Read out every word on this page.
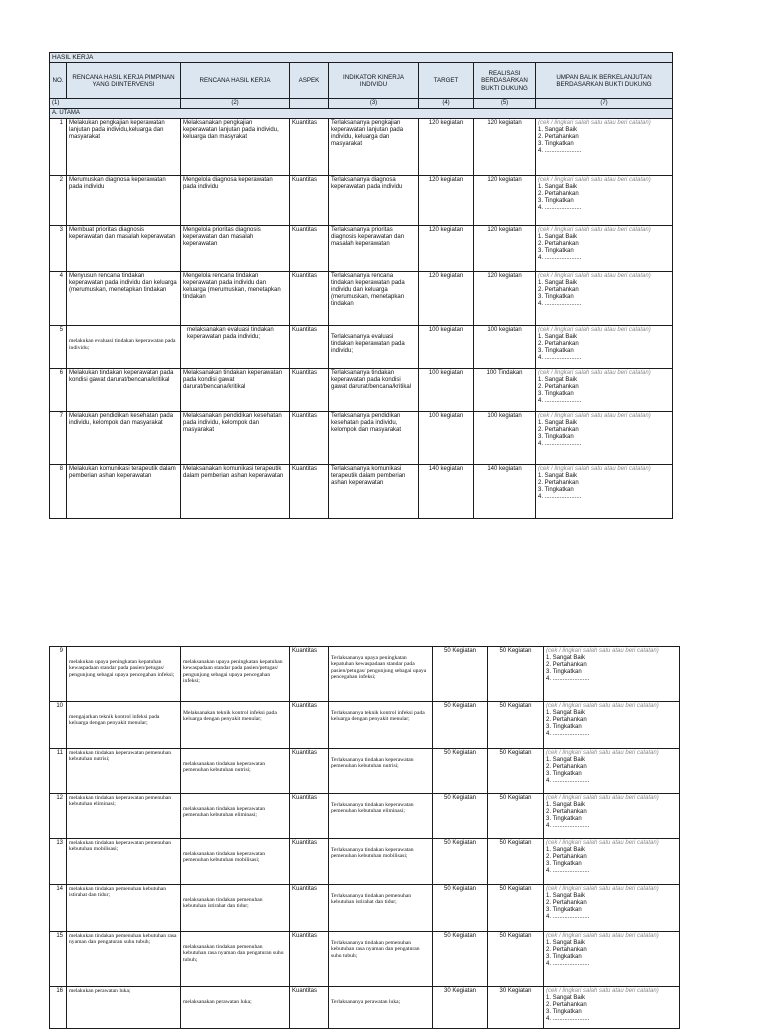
HASIL KERJA							
NO.	RENCANA HASIL KERJA PIMPINAN YANG DIINTERVENSI	RENCANA HASIL KERJA	ASPEK	INDIKATOR KINERJA INDIVIDU	TARGET	REALISASI BERDASARKAN BUKTI DUKUNG	UMPAN BALIK BERKELANJUTAN BERDASARKAN BUKTI DUKUNG
(1)		(2)		(3)	(4)	(5)	(7)
A. UTAMA							
1	Melakukan pengkajian keperawatan lanjutan pada individu,keluarga dan masyarakat	Melaksanakan pengkajian keperawatan lanjutan pada individu, keluarga dan masyrakat	Kuantitas	Terlaksananya pengkajian keperawatan lanjutan pada individu, keluarga dan masyarakat	120 kegiatan	120 kegiatan	(cek / lingkari salah satu atau beri catatan)
1. Sangat Baik
2. Pertahankan
3. Tingkatkan
4. ......................

2	Merumuskan diagnosa keperawatan pada individu	Mengelola diagnosa keperawatan pada individu	Kuantitas	Terlaksananya diagnosa keperawatan pada individu	120 kegiatan	120 kegiatan	(cek / lingkari salah satu atau beri catatan)
1. Sangat Baik
2. Pertahankan
3. Tingkatkan
4. ......................

3	Membuat prioritas diagnosis keperawatan dan masalah keperawatan	Mengelola prioritas diagnosis keperawatan dan masalah keperawatan	Kuantitas	Terlaksananya prioritas diagnosis keperawatan dan masalah keperawatan	120 kegiatan	120 kegiatan	(cek / lingkari salah satu atau beri catatan)
1. Sangat Baik
2. Pertahankan
3. Tingkatkan
4. ......................

4	Menyusun rencana tindakan keperawatan pada individu dan keluarga (merumuskan, menetapkan tindakan	Mengelola rencana tindakan keperawatan pada individu dan keluarga (merumuskan, menetapkan tindakan	Kuantitas	Terlaksananya rencana tindakan keperawatan pada individu dan keluarga (merumuskan, menetapkan tindakan	120 kegiatan	120 kegiatan	(cek / lingkari salah satu atau beri catatan)
1. Sangat Baik
2. Pertahankan
3. Tingkatkan
4. ......................

5	melakukan evaluasi tindakan keperawatan pada individu;	melaksanakan evaluasi tindakan keperawatan pada individu;	Kuantitas	Terlaksananya evaluasi tindakan keperawatan pada individu;	100 kegiatan	100 kegiatan	(cek / lingkari salah satu atau beri catatan)
1. Sangat Baik
2. Pertahankan
3. Tingkatkan
4. ......................

6	Melakukan tindakan keperawatan pada kondisi gawat darurat/bencana/kritikal	Melaksanakan tindakan keperawatan pada kondisi gawat darurat/bencana/kritikal	Kuantitas	Terlaksananya tindakan keperawatan pada kondisi gawat darurat/bencana/kritikal	100 kegiatan	100 Tindakan	(cek / lingkari salah satu atau beri catatan)
1. Sangat Baik
2. Pertahankan
3. Tingkatkan
4. ......................

7	Melakukan pendidikan kesehatan pada individu, kelompok dan masyarakat	Melaksanakan pendidikan kesehatan pada individu, kelompok dan masyarakat	Kuantitas	Terlaksananya pendidikan kesehatan pada individu, kelompok dan masyarakat	100 kegiatan	100 kegiatan	(cek / lingkari salah satu atau beri catatan)
1. Sangat Baik
2. Pertahankan
3. Tingkatkan
4. ......................

8	Melakukan komunikasi terapeutik dalam pemberian ashan keperawatan	Melaksanakan komunikasi terapeutik dalam pemberian ashan keperawatan	Kuantitas	Terlaksananya komunikasi terapeutik dalam pemberian ashan keperawatan	140 kegiatan	140 kegiatan	(cek / lingkari salah satu atau beri catatan)
1. Sangat Baik
2. Pertahankan
3. Tingkatkan
4. ......................
9	melakukan upaya peningkatan kepatuhan kewaspadaan standar pada pasien/petugas/ pengunjung sebagai upaya pencegahan infeksi;	melaksanakan upaya peningkatan kepatuhan kewaspadaan standar pada pasien/petugas/ pengunjung sebagai upaya pencegahan infeksi;	Kuantitas	Terlaksananya upaya peningkatan kepatuhan kewaspadaan standar pada pasien/petugas/ pengunjung sebagai upaya pencegahan infeksi;	50 Kegiatan	50 Kegiatan	(cek / lingkari salah satu atau beri catatan)
1. Sangat Baik
2. Pertahankan
3. Tingkatkan
4. ......................

10	mengajarkan teknik kontrol infeksi pada keluarga dengan penyakit menular;	Melaksanakan teknik kontrol infeksi pada keluarga dengan penyakit menular;	Kuantitas	Terlaksananya teknik kontrol infeksi pada keluarga dengan penyakit menular;	50 Kegiatan	50 Kegiatan	(cek / lingkari salah satu atau beri catatan)
1. Sangat Baik
2. Pertahankan
3. Tingkatkan
4. ......................

11	melakukan tindakan keperawatan pemenuhan kebutuhan nutrisi;	melaksanakan tindakan keperawatan pemenuhan kebutuhan nutrisi;	Kuantitas	Terlaksananya tindakan keperawatan pemenuhan kebutuhan nutrisi;	50 Kegiatan	50 Kegiatan	(cek / lingkari salah satu atau beri catatan)
1. Sangat Baik
2. Pertahankan
3. Tingkatkan
4. ......................

12	melakukan tindakan keperawatan pemenuhan kebutuhan eliminasi;	melaksanakan tindakan keperawatan pemenuhan kebutuhan eliminasi;	Kuantitas	Terlaksananya tindakan keperawatan pemenuhan kebutuhan eliminasi;	50 Kegiatan	50 Kegiatan	(cek / lingkari salah satu atau beri catatan)
1. Sangat Baik
2. Pertahankan
3. Tingkatkan
4. ......................

13	melakukan tindakan keperawatan pemenuhan kebutuhan mobilisasi;	melaksanakan tindakan keperawatan pemenuhan kebutuhan mobilisasi;	Kuantitas	Terlaksananya tindakan keperawatan pemenuhan kebutuhan mobilisasi;	50 Kegiatan	50 Kegiatan	(cek / lingkari salah satu atau beri catatan)
1. Sangat Baik
2. Pertahankan
3. Tingkatkan
4. ......................

14	melakukan tindakan pemenuhan kebutuhan istirahat dan tidur;	melaksanakan tindakan pemenuhan kebutuhan istirahat dan tidur;	Kuantitas	Terlaksananya tindakan pemenuhan kebutuhan istirahat dan tidur;	50 Kegiatan	50 Kegiatan	(cek / lingkari salah satu atau beri catatan)
1. Sangat Baik
2. Pertahankan
3. Tingkatkan
4. ......................

15	melakukan tindakan pemenuhan kebutuhan rasa nyaman dan pengaturan suhu tubuh;	melaksanakan tindakan pemenuhan kebutuhan rasa nyaman dan pengaturan suhu tubuh;	Kuantitas	Terlaksananya tindakan pemenuhan kebutuhan rasa nyaman dan pengaturan suhu tubuh;	50 Kegiatan	50 Kegiatan	(cek / lingkari salah satu atau beri catatan)
1. Sangat Baik
2. Pertahankan
3. Tingkatkan
4. ......................

16	melakukan perawatan luka;	melaksanakan perawatan luka;	Kuantitas	Terlaksananya perawatan luka;	30 Kegiatan	30 Kegiatan	(cek / lingkari salah satu atau beri catatan)
1. Sangat Baik
2. Pertahankan
3. Tingkatkan
4. ......................
